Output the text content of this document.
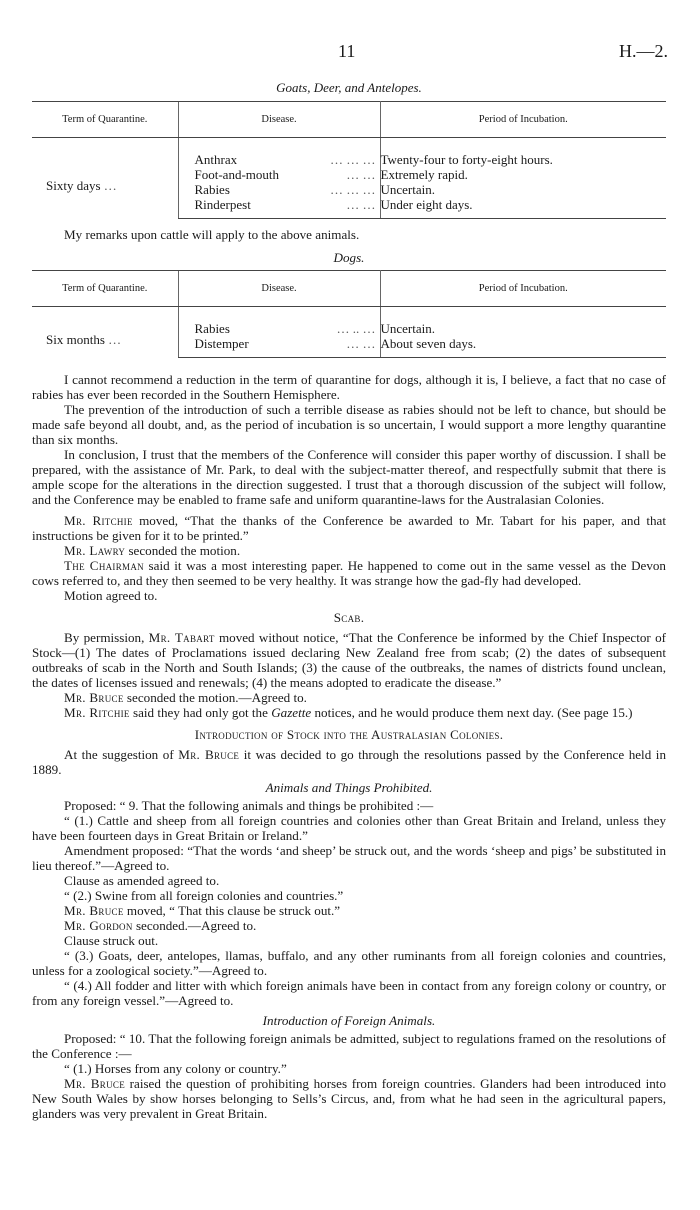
11	H.—2.
Goats, Deer, and Antelopes.
Term of Quarantine.	Disease.	Period of Incubation.
Sixty days …	Anthrax … … …	Twenty-four to forty-eight hours.

	Foot-and-mouth … …	Extremely rapid.

	Rabies … … …	Uncertain.

	Rinderpest … …	Under eight days.

My remarks upon cattle will apply to the above animals.

Dogs.
Term of Quarantine.	Disease.	Period of Incubation.
Six months …	Rabies … .. …	Uncertain.

	Distemper … …	About seven days.

I cannot recommend a reduction in the term of quarantine for dogs, although it is, I believe, a fact that no case of rabies has ever been recorded in the Southern Hemisphere.

The prevention of the introduction of such a terrible disease as rabies should not be left to chance, but should be made safe beyond all doubt, and, as the period of incubation is so uncertain, I would support a more lengthy quarantine than six months.

In conclusion, I trust that the members of the Conference will consider this paper worthy of discussion. I shall be prepared, with the assistance of Mr. Park, to deal with the subject-matter thereof, and respectfully submit that there is ample scope for the alterations in the direction suggested. I trust that a thorough discussion of the subject will follow, and the Conference may be enabled to frame safe and uniform quarantine-laws for the Australasian Colonies.

Mr. Ritchie moved, “That the thanks of the Conference be awarded to Mr. Tabart for his paper, and that instructions be given for it to be printed.”

Mr. Lawry seconded the motion.

The Chairman said it was a most interesting paper. He happened to come out in the same vessel as the Devon cows referred to, and they then seemed to be very healthy. It was strange how the gad-fly had developed.

Motion agreed to.

Scab.

By permission, Mr. Tabart moved without notice, “That the Conference be informed by the Chief Inspector of Stock—(1) The dates of Proclamations issued declaring New Zealand free from scab; (2) the dates of subsequent outbreaks of scab in the North and South Islands; (3) the cause of the outbreaks, the names of districts found unclean, the dates of licenses issued and renewals; (4) the means adopted to eradicate the disease.”

Mr. Bruce seconded the motion.—Agreed to.

Mr. Ritchie said they had only got the Gazette notices, and he would produce them next day. (See page 15.)

Introduction of Stock into the Australasian Colonies.

At the suggestion of Mr. Bruce it was decided to go through the resolutions passed by the Conference held in 1889.

Animals and Things Prohibited.

Proposed: “ 9. That the following animals and things be prohibited :—

“ (1.) Cattle and sheep from all foreign countries and colonies other than Great Britain and Ireland, unless they have been fourteen days in Great Britain or Ireland.”

Amendment proposed: “That the words ‘and sheep’ be struck out, and the words ‘sheep and pigs’ be substituted in lieu thereof.”—Agreed to.

Clause as amended agreed to.

“ (2.) Swine from all foreign colonies and countries.”

Mr. Bruce moved, “ That this clause be struck out.”

Mr. Gordon seconded.—Agreed to.

Clause struck out.

“ (3.) Goats, deer, antelopes, llamas, buffalo, and any other ruminants from all foreign colonies and countries, unless for a zoological society.”—Agreed to.

“ (4.) All fodder and litter with which foreign animals have been in contact from any foreign colony or country, or from any foreign vessel.”—Agreed to.

Introduction of Foreign Animals.

Proposed: “ 10. That the following foreign animals be admitted, subject to regulations framed on the resolutions of the Conference :—

“ (1.) Horses from any colony or country.”

Mr. Bruce raised the question of prohibiting horses from foreign countries. Glanders had been introduced into New South Wales by show horses belonging to Sells’s Circus, and, from what he had seen in the agricultural papers, glanders was very prevalent in Great Britain.
